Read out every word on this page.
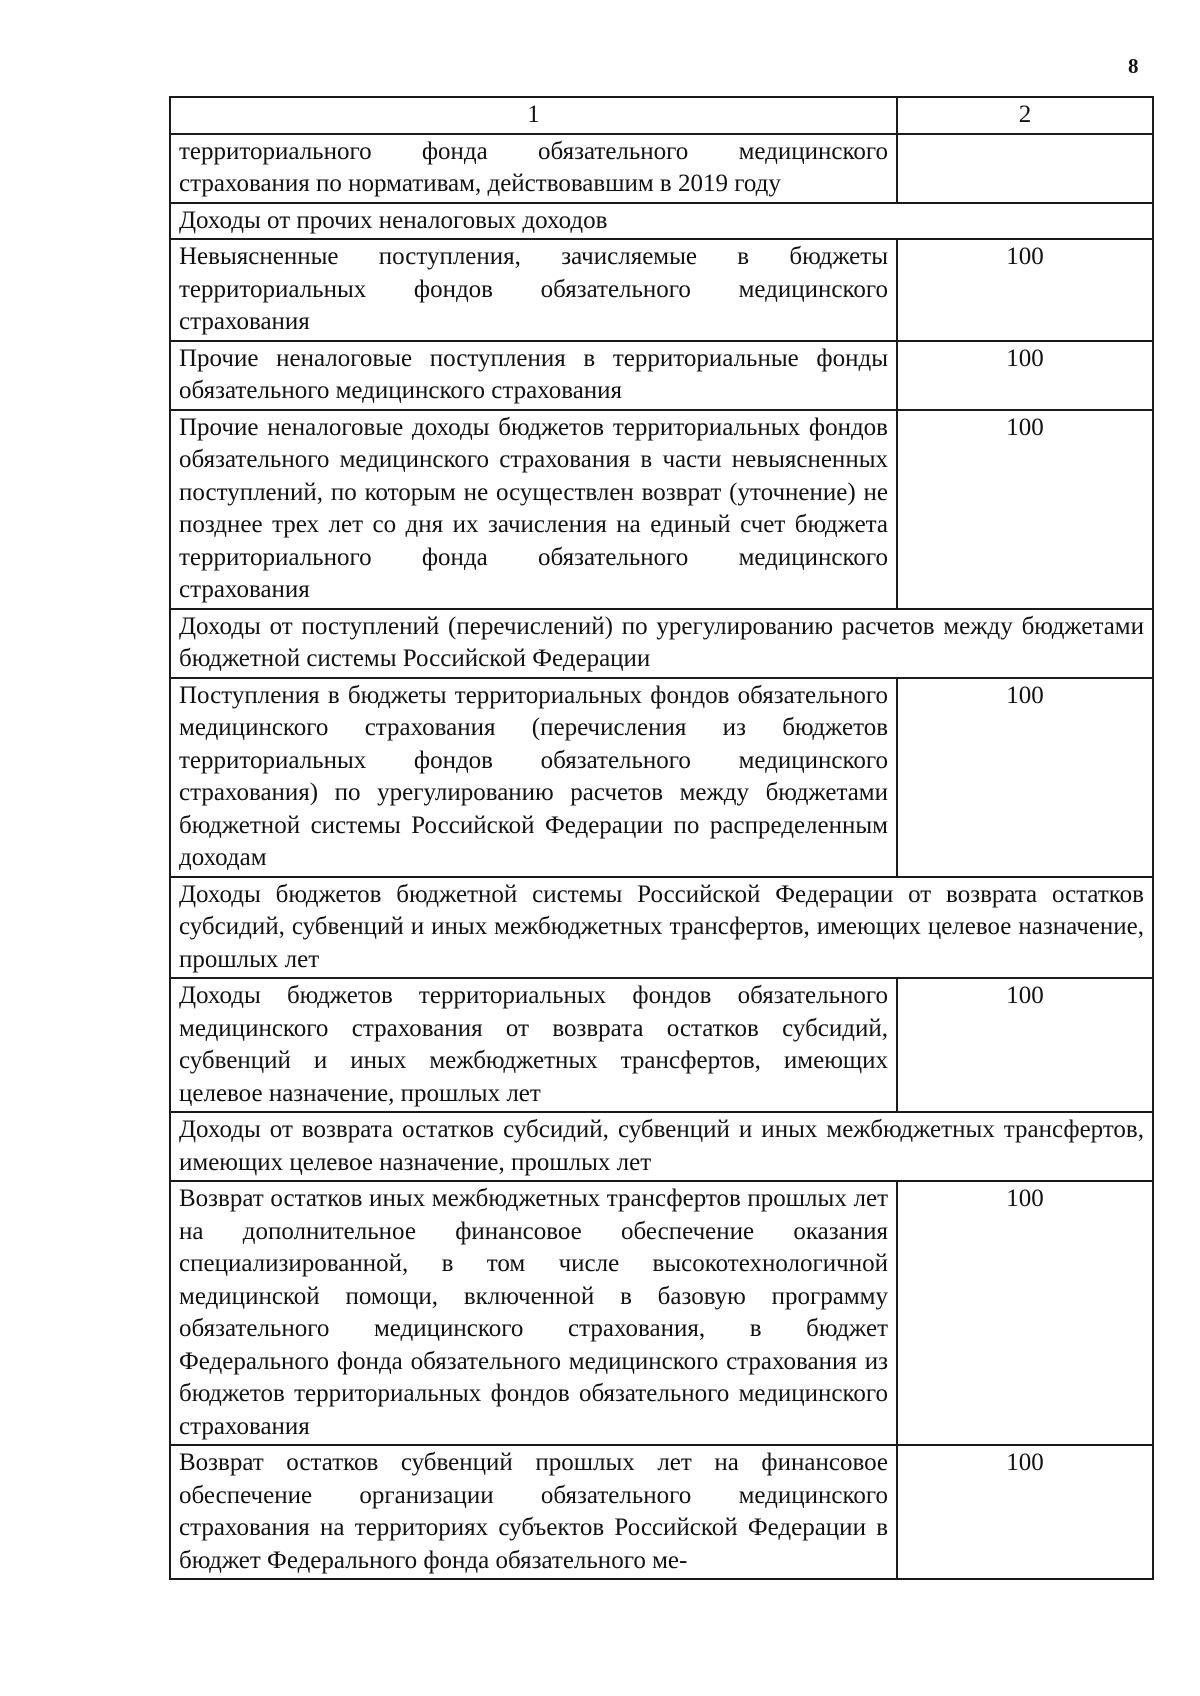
8
1	2
территориального фонда обязательного медицинского страхования по нормативам, действовавшим в 2019 году	
Доходы от прочих неналоговых доходов	
Невыясненные поступления, зачисляемые в бюджеты территориальных фондов обязательного медицинского страхования	100
Прочие неналоговые поступления в территориальные фонды обязательного медицинского страхования	100
Прочие неналоговые доходы бюджетов территориальных фондов обязательного медицинского страхования в части невыясненных поступлений, по которым не осуществлен возврат (уточнение) не позднее трех лет со дня их зачисления на единый счет бюджета территориального фонда обязательного медицинского страхования	100
Доходы от поступлений (перечислений) по урегулированию расчетов между бюджетами бюджетной системы Российской Федерации	
Поступления в бюджеты территориальных фондов обязательного медицинского страхования (перечисления из бюджетов территориальных фондов обязательного медицинского страхования) по урегулированию расчетов между бюджетами бюджетной системы Российской Федерации по распределенным доходам	100
Доходы бюджетов бюджетной системы Российской Федерации от возврата остатков субсидий, субвенций и иных межбюджетных трансфертов, имеющих целевое назначение, прошлых лет	
Доходы бюджетов территориальных фондов обязательного медицинского страхования от возврата остатков субсидий, субвенций и иных межбюджетных трансфертов, имеющих целевое назначение, прошлых лет	100
Доходы от возврата остатков субсидий, субвенций и иных межбюджетных трансфертов, имеющих целевое назначение, прошлых лет	
Возврат остатков иных межбюджетных трансфертов прошлых лет на дополнительное финансовое обеспечение оказания специализированной, в том числе высокотехнологичной медицинской помощи, включенной в базовую программу обязательного медицинского страхования, в бюджет Федерального фонда обязательного медицинского страхования из бюджетов территориальных фондов обязательного медицинского страхования	100
Возврат остатков субвенций прошлых лет на финансовое обеспечение организации обязательного медицинского страхования на территориях субъектов Российской Федерации в бюджет Федерального фонда обязательного ме-	100
